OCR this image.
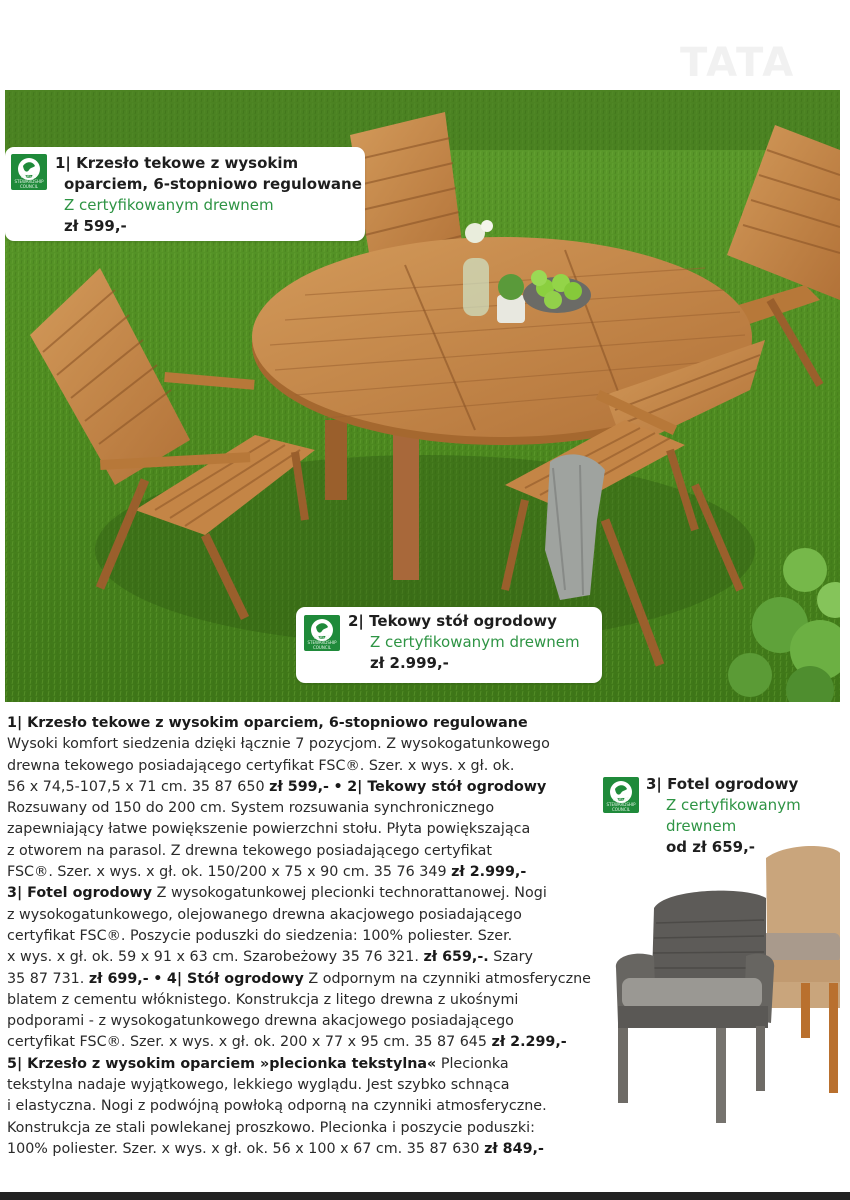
TATA
FOREST STEWARDSHIP COUNCIL
1| Krzesło tekowe z wysokim
oparciem, 6-stopniowo regulowane
Z certyfikowanym drewnem
zł 599,-
FOREST STEWARDSHIP COUNCIL
2| Tekowy stół ogrodowy
Z certyfikowanym drewnem
zł 2.999,-
FOREST STEWARDSHIP COUNCIL
3| Fotel ogrodowy
Z certyfikowanym
drewnem
od zł 659,-

1| Krzesło tekowe z wysokim oparciem, 6-stopniowo regulowane

Wysoki komfort siedzenia dzięki łącznie 7 pozycjom. Z wysokogatunkowego

drewna tekowego posiadającego certyfikat FSC®. Szer. x wys. x gł. ok.

56 x 74,5-107,5 x 71 cm. 35 87 650 zł 599,- • 2| Tekowy stół ogrodowy

Rozsuwany od 150 do 200 cm. System rozsuwania synchronicznego

zapewniający łatwe powiększenie powierzchni stołu. Płyta powiększająca

z otworem na parasol. Z drewna tekowego posiadającego certyfikat

FSC®. Szer. x wys. x gł. ok. 150/200 x 75 x 90 cm. 35 76 349 zł 2.999,-

3| Fotel ogrodowy Z wysokogatunkowej plecionki technorattanowej. Nogi

z wysokogatunkowego, olejowanego drewna akacjowego posiadającego

certyfikat FSC®. Poszycie poduszki do siedzenia: 100% poliester. Szer.

x wys. x gł. ok. 59 x 91 x 63 cm. Szarobeżowy 35 76 321. zł 659,-. Szary

35 87 731. zł 699,- • 4| Stół ogrodowy Z odpornym na czynniki atmosferyczne

blatem z cementu włóknistego. Konstrukcja z litego drewna z ukośnymi

podporami - z wysokogatunkowego drewna akacjowego posiadającego

certyfikat FSC®. Szer. x wys. x gł. ok. 200 x 77 x 95 cm. 35 87 645 zł 2.299,-

5| Krzesło z wysokim oparciem »plecionka tekstylna« Plecionka

tekstylna nadaje wyjątkowego, lekkiego wyglądu. Jest szybko schnąca

i elastyczna. Nogi z podwójną powłoką odporną na czynniki atmosferyczne.

Konstrukcja ze stali powlekanej proszkowo. Plecionka i poszycie poduszki:

100% poliester. Szer. x wys. x gł. ok. 56 x 100 x 67 cm. 35 87 630 zł 849,-
